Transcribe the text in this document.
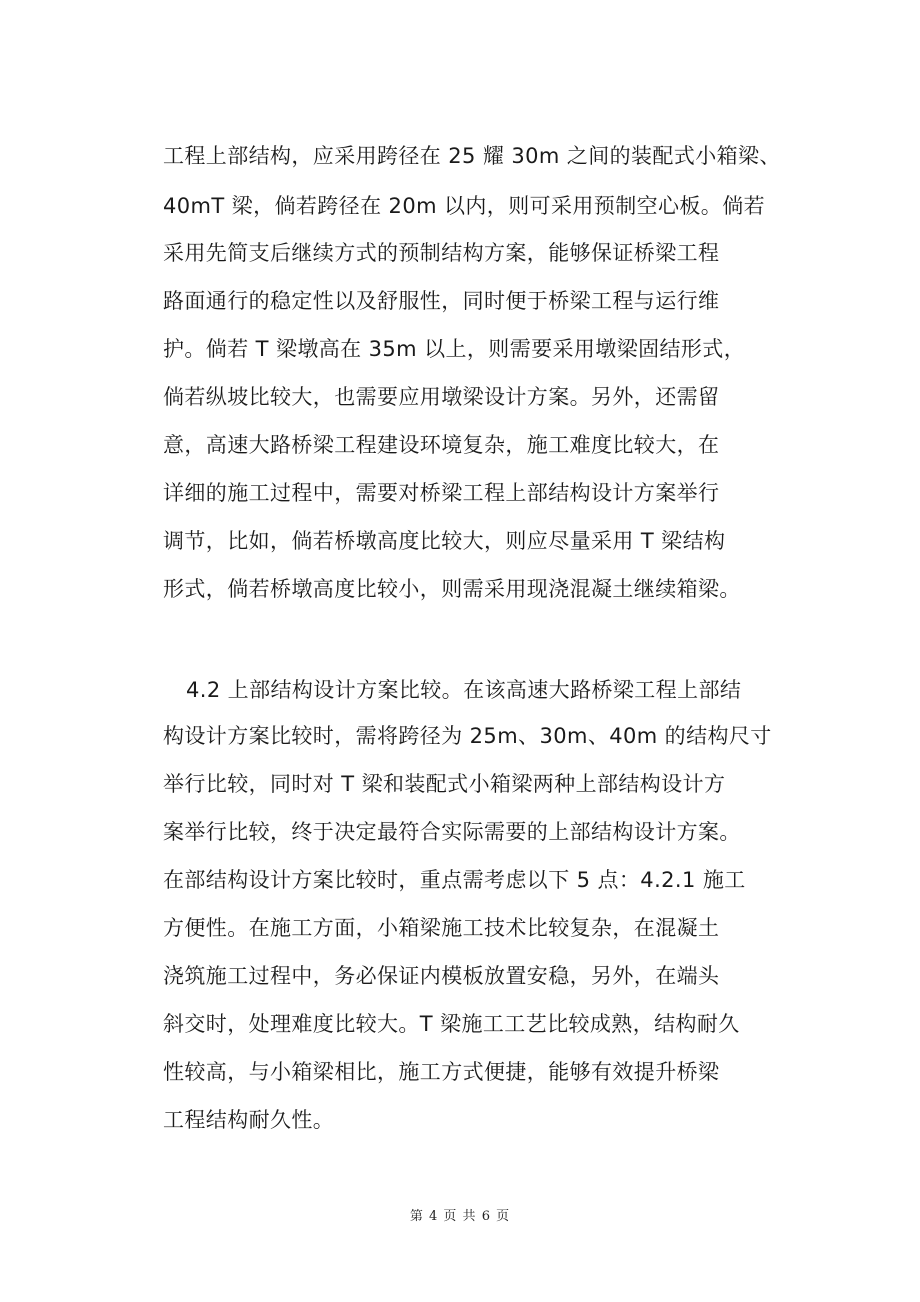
工程上部结构，应采用跨径在 25 耀 30m 之间的装配式小箱梁、
40mT 梁，倘若跨径在 20m 以内，则可采用预制空心板。倘若
采用先简支后继续方式的预制结构方案，能够保证桥梁工程
路面通行的稳定性以及舒服性，同时便于桥梁工程与运行维
护。倘若 T 梁墩高在 35m 以上，则需要采用墩梁固结形式，
倘若纵坡比较大，也需要应用墩梁设计方案。另外，还需留
意，高速大路桥梁工程建设环境复杂，施工难度比较大，在
详细的施工过程中，需要对桥梁工程上部结构设计方案举行
调节，比如，倘若桥墩高度比较大，则应尽量采用 T 梁结构
形式，倘若桥墩高度比较小，则需采用现浇混凝土继续箱梁。
4.2 上部结构设计方案比较。在该高速大路桥梁工程上部结
构设计方案比较时，需将跨径为 25m、30m、40m 的结构尺寸
举行比较，同时对 T 梁和装配式小箱梁两种上部结构设计方
案举行比较，终于决定最符合实际需要的上部结构设计方案。
在部结构设计方案比较时，重点需考虑以下 5 点：4.2.1 施工
方便性。在施工方面，小箱梁施工技术比较复杂，在混凝土
浇筑施工过程中，务必保证内模板放置安稳，另外，在端头
斜交时，处理难度比较大。T 梁施工工艺比较成熟，结构耐久
性较高，与小箱梁相比，施工方式便捷，能够有效提升桥梁
工程结构耐久性。
第 4 页 共 6 页
